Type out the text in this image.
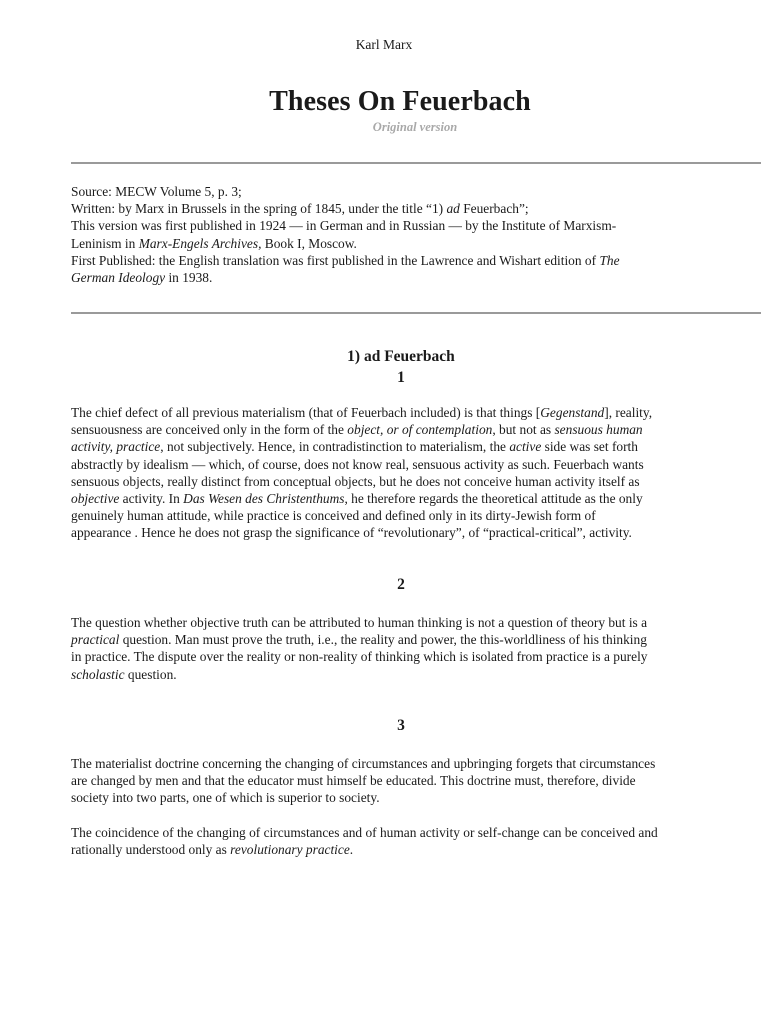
Karl Marx
Theses On Feuerbach
Original version
Source: MECW Volume 5, p. 3;
Written: by Marx in Brussels in the spring of 1845, under the title “1) ad Feuerbach”;
This version was first published in 1924 — in German and in Russian — by the Institute of Marxism-
Leninism in Marx-Engels Archives, Book I, Moscow.
First Published: the English translation was first published in the Lawrence and Wishart edition of The
German Ideology in 1938.
1) ad Feuerbach
1
The chief defect of all previous materialism (that of Feuerbach included) is that things [Gegenstand], reality,
sensuousness are conceived only in the form of the object, or of contemplation, but not as sensuous human
activity, practice, not subjectively. Hence, in contradistinction to materialism, the active side was set forth
abstractly by idealism — which, of course, does not know real, sensuous activity as such. Feuerbach wants
sensuous objects, really distinct from conceptual objects, but he does not conceive human activity itself as
objective activity. In Das Wesen des Christenthums, he therefore regards the theoretical attitude as the only
genuinely human attitude, while practice is conceived and defined only in its dirty-Jewish form of
appearance . Hence he does not grasp the significance of “revolutionary”, of “practical-critical”, activity.
2
The question whether objective truth can be attributed to human thinking is not a question of theory but is a
practical question. Man must prove the truth, i.e., the reality and power, the this-worldliness of his thinking
in practice. The dispute over the reality or non-reality of thinking which is isolated from practice is a purely
scholastic question.
3
The materialist doctrine concerning the changing of circumstances and upbringing forgets that circumstances
are changed by men and that the educator must himself be educated. This doctrine must, therefore, divide
society into two parts, one of which is superior to society.
The coincidence of the changing of circumstances and of human activity or self-change can be conceived and
rationally understood only as revolutionary practice.
